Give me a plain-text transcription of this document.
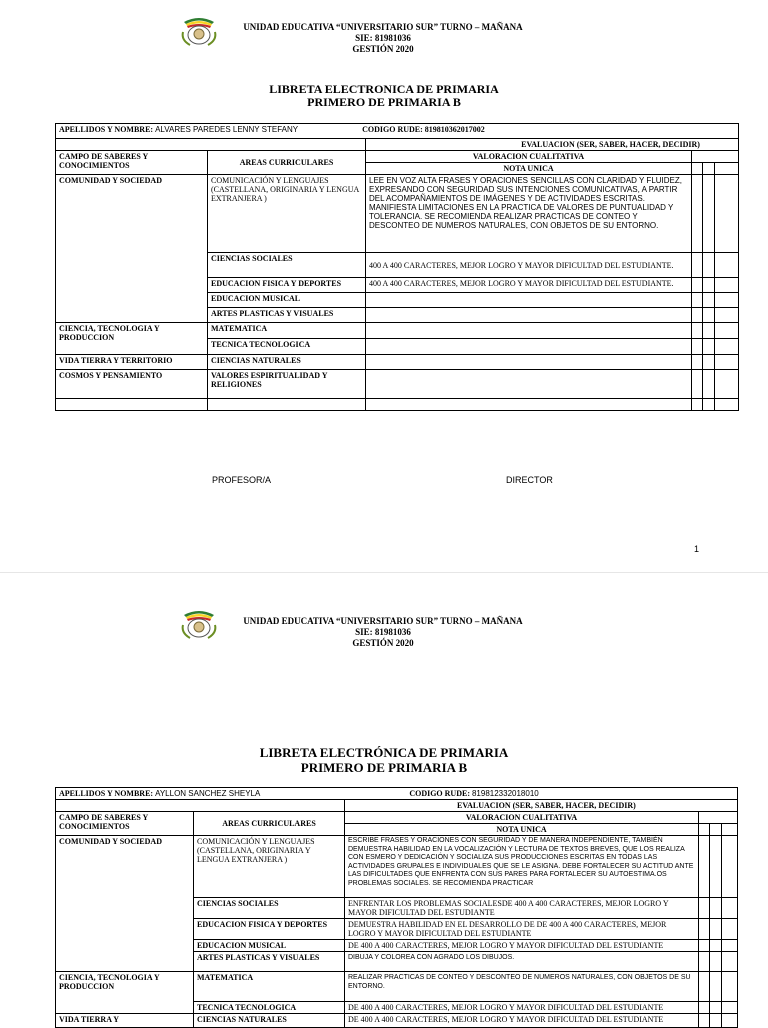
UNIDAD EDUCATIVA “UNIVERSITARIO SUR” TURNO – MAÑANA
SIE: 81981036
GESTIÓN 2020
LIBRETA ELECTRONICA DE PRIMARIA
PRIMERO DE PRIMARIA B
APELLIDOS Y NOMBRE: ALVARES PAREDES LENNY STEFANY CODIGO RUDE: 819810362017002					
		EVALUACION (SER, SABER, HACER, DECIDIR)			
CAMPO DE SABERES Y CONOCIMIENTOS	AREAS CURRICULARES	VALORACION CUALITATIVA			
		NOTA UNICA			
COMUNIDAD Y SOCIEDAD	COMUNICACIÓN Y LENGUAJES (CASTELLANA, ORIGINARIA Y LENGUA EXTRANJERA )	LEE EN VOZ ALTA FRASES Y ORACIONES SENCILLAS CON CLARIDAD Y FLUIDEZ, EXPRESANDO CON SEGURIDAD SUS INTENCIONES COMUNICATIVAS, A PARTIR DEL ACOMPAÑAMIENTOS DE IMÁGENES Y DE ACTIVIDADES ESCRITAS. MANIFIESTA LIMITACIONES EN LA PRACTICA DE VALORES DE PUNTUALIDAD Y TOLERANCIA. SE RECOMIENDA REALIZAR PRACTICAS DE CONTEO Y DESCONTEO DE NUMEROS NATURALES, CON OBJETOS DE SU ENTORNO.			
	CIENCIAS SOCIALES	400 A 400 CARACTERES, MEJOR LOGRO Y MAYOR DIFICULTAD DEL ESTUDIANTE.			
	EDUCACION FISICA Y DEPORTES	400 A 400 CARACTERES, MEJOR LOGRO Y MAYOR DIFICULTAD DEL ESTUDIANTE.			
	EDUCACION MUSICAL				
	ARTES PLASTICAS Y VISUALES				
CIENCIA, TECNOLOGIA Y PRODUCCION	MATEMATICA				
	TECNICA TECNOLOGICA				
VIDA TIERRA Y TERRITORIO	CIENCIAS NATURALES				
COSMOS Y PENSAMIENTO	VALORES ESPIRITUALIDAD Y RELIGIONES				

PROFESOR/A	DIRECTOR
1
UNIDAD EDUCATIVA “UNIVERSITARIO SUR” TURNO – MAÑANA
SIE: 81981036
GESTIÓN 2020
LIBRETA ELECTRÓNICA DE PRIMARIA
PRIMERO DE PRIMARIA B
APELLIDOS Y NOMBRE: AYLLON SANCHEZ SHEYLA CODIGO RUDE: 819812332018010					
		EVALUACION (SER, SABER, HACER, DECIDIR)			
CAMPO DE SABERES Y CONOCIMIENTOS	AREAS CURRICULARES	VALORACION CUALITATIVA			
		NOTA UNICA			
COMUNIDAD Y SOCIEDAD	COMUNICACIÓN Y LENGUAJES (CASTELLANA, ORIGINARIA Y LENGUA EXTRANJERA )	ESCRIBE FRASES Y ORACIONES CON SEGURIDAD Y DE MANERA INDEPENDIENTE, TAMBIÉN DEMUESTRA HABILIDAD EN LA VOCALIZACIÓN Y LECTURA DE TEXTOS BREVES, QUE LOS REALIZA CON ESMERO Y DEDICACIÓN Y SOCIALIZA SUS PRODUCCIONES ESCRITAS EN TODAS LAS ACTIVIDADES GRUPALES E INDIVIDUALES QUE SE LE ASIGNA. DEBE FORTALECER SU ACTITUD ANTE LAS DIFICULTADES QUE ENFRENTA CON SUS PARES PARA FORTALECER SU AUTOESTIMA.OS PROBLEMAS SOCIALES. SE RECOMIENDA PRACTICAR			
	CIENCIAS SOCIALES	ENFRENTAR LOS PROBLEMAS SOCIALESDE 400 A 400 CARACTERES, MEJOR LOGRO Y MAYOR DIFICULTAD DEL ESTUDIANTE			
	EDUCACION FISICA Y DEPORTES	DEMUESTRA HABILIDAD EN EL DESARROLLO DE DE 400 A 400 CARACTERES, MEJOR LOGRO Y MAYOR DIFICULTAD DEL ESTUDIANTE			
	EDUCACION MUSICAL	DE 400 A 400 CARACTERES, MEJOR LOGRO Y MAYOR DIFICULTAD DEL ESTUDIANTE			
	ARTES PLASTICAS Y VISUALES	DIBUJA Y COLOREA CON AGRADO LOS DIBUJOS.			
CIENCIA, TECNOLOGIA Y PRODUCCION	MATEMATICA	REALIZAR PRACTICAS DE CONTEO Y DESCONTEO DE NUMEROS NATURALES, CON OBJETOS DE SU ENTORNO.			
	TECNICA TECNOLOGICA	DE 400 A 400 CARACTERES, MEJOR LOGRO Y MAYOR DIFICULTAD DEL ESTUDIANTE			
VIDA TIERRA Y	CIENCIAS NATURALES	DE 400 A 400 CARACTERES, MEJOR LOGRO Y MAYOR DIFICULTAD DEL ESTUDIANTE			
